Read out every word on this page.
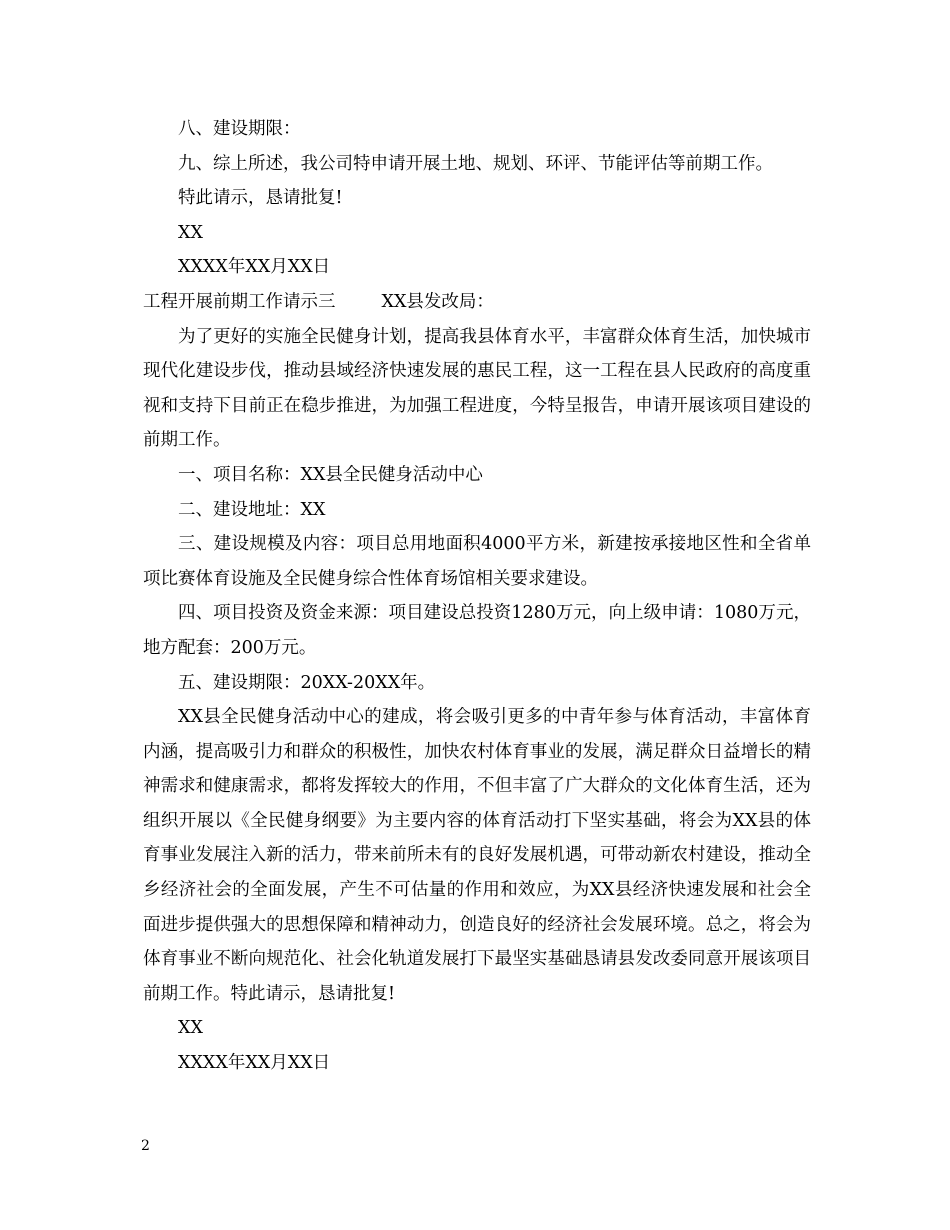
八、建设期限：

九、综上所述，我公司特申请开展土地、规划、环评、节能评估等前期工作。

特此请示，恳请批复!

XX

XXXX年XX月XX日

工程开展前期工作请示三	XX县发改局：

为了更好的实施全民健身计划，提高我县体育水平，丰富群众体育生活，加快城市现代化建设步伐，推动县域经济快速发展的惠民工程，这一工程在县人民政府的高度重视和支持下目前正在稳步推进，为加强工程进度，今特呈报告，申请开展该项目建设的前期工作。

一、项目名称：XX县全民健身活动中心

二、建设地址：XX

三、建设规模及内容：项目总用地面积4000平方米，新建按承接地区性和全省单项比赛体育设施及全民健身综合性体育场馆相关要求建设。

四、项目投资及资金来源：项目建设总投资1280万元，向上级申请：1080万元，地方配套：200万元。

五、建设期限：20XX-20XX年。

XX县全民健身活动中心的建成，将会吸引更多的中青年参与体育活动，丰富体育内涵，提高吸引力和群众的积极性，加快农村体育事业的发展，满足群众日益增长的精神需求和健康需求，都将发挥较大的作用，不但丰富了广大群众的文化体育生活，还为组织开展以《全民健身纲要》为主要内容的体育活动打下坚实基础，将会为XX县的体育事业发展注入新的活力，带来前所未有的良好发展机遇，可带动新农村建设，推动全乡经济社会的全面发展，产生不可估量的作用和效应，为XX县经济快速发展和社会全面进步提供强大的思想保障和精神动力，创造良好的经济社会发展环境。总之，将会为体育事业不断向规范化、社会化轨道发展打下最坚实基础恳请县发改委同意开展该项目前期工作。特此请示，恳请批复!

XX

XXXX年XX月XX日

2
